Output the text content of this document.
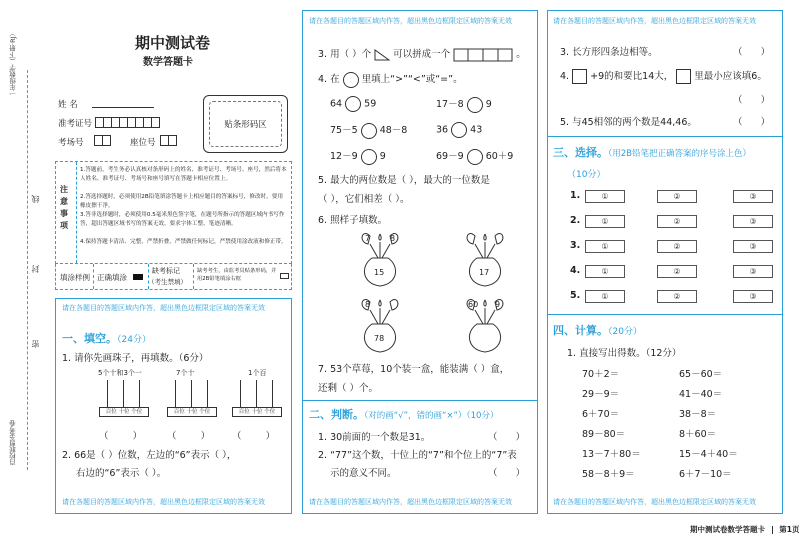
一年级数学（下册·RJ）
线
封
密
百校联盟金考卷
期中测试卷
数学答题卡
姓 名
准考证号
考场号	座位号
贴条形码区
注意事项
1.答题前，考生务必认真核对条形码上的姓名、准考证号、考场号、座号，然后将本人姓名、准考证号、考场号和座号填写在答题卡相应位置上。
2.答选择题时，必须使用2B铅笔填涂答题卡上相应题目的答案标号，修改时，要用橡皮擦干净。
3.答非选择题时，必须使用0.5毫米黑色签字笔，在题号所指示的答题区域内书写作答，超出答题区域书写的答案无效。要求字体工整、笔迹清晰。
4.保持答题卡清洁、完整，严禁折叠，严禁做任何标记，严禁使用涂改液和修正带。
填涂样例 正确填涂
缺考标记
（考生禁填）
缺考考生，由监考员贴条形码，并用2B铅笔填涂右框
请在各题目的答题区域内作答，超出黑色边框限定区域的答案无效
一、填空。（24分）
1. 请你先画珠子，再填数。（6分）
5个十和3个一	7个十	1个百
百位 十位 个位	百位 十位 个位	百位 十位 个位
（        ）	（        ） （        ）
2. 66是（ ）位数，左边的“6”表示（ ），
右边的“6”表示（ ）。
请在各题目的答题区域内作答，超出黑色边框限定区域的答案无效
请在各题目的答题区域内作答，超出黑色边框限定区域的答案无效
3. 用（ ）个 可以拼成一个	。
4. 在 里填上“>”“<”或“=”。
64 59	17－8 9
75－5 48－8	36 43
12－9 9	69－9 60＋9
5. 最大的两位数是（ ），最大的一位数是
（ ），它们相差（ ）。
6. 照样子填数。
7 8
15	17
8
78
60 9
7. 53个草莓，10个装一盒，能装满（ ）盒，
还剩（ ）个。
二、判断。（对的画“√”，错的画“×”）（10分）
1. 30前面的一个数是31。	（      ）
2. “77”这个数，十位上的“7”和个位上的“7”表
示的意义不同。	（      ）
请在各题目的答题区域内作答，超出黑色边框限定区域的答案无效
请在各题目的答题区域内作答，超出黑色边框限定区域的答案无效
3. 长方形四条边相等。	（      ）
4. +9的和要比14大， 里最小应该填6。
（      ）
5. 与45相邻的两个数是44,46。	（      ）
三、选择。（用2B铅笔把正确答案的序号涂上色）
（10分）
1.	①	②	③
2.	①	②	③
3.	①	②	③
4.	①	②	③
5.	①	②	③
四、计算。（20分）
1. 直接写出得数。（12分）
70＋2＝	65－60＝
29－9＝	41－40＝
6＋70＝	38－8＝
89－80＝	8＋60＝
13－7＋80＝	15－4＋40＝
58－8＋9＝	6＋7－10＝
请在各题目的答题区域内作答，超出黑色边框限定区域的答案无效
期中测试卷数学答题卡 第1页
